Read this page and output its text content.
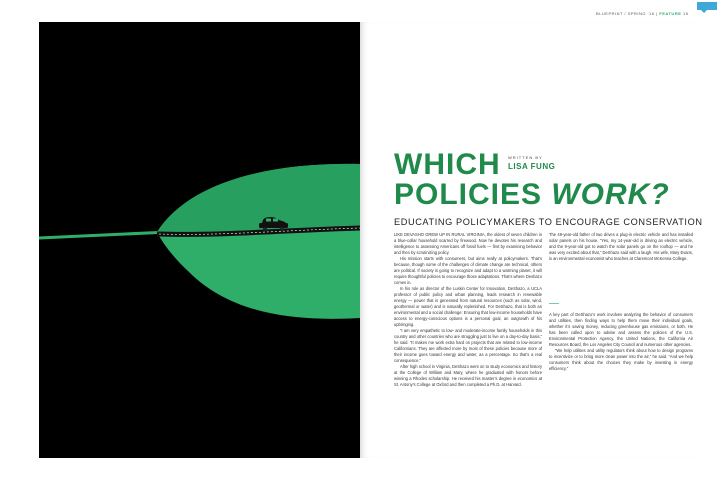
BLUEPRINT / SPRING ’16 | FEATURE 15
WHICH WRITTEN BY
LISA FUNG
POLICIES WORK?
EDUCATING POLICYMAKERS TO ENCOURAGE CONSERVATION

LIKE DEVASHO GREW UP IN RURAL VIRGINIA, the oldest of seven children in a blue-collar household scarred by firewood. Now he devotes his research and intelligence to assessing Americans off fossil fuels — first by examining behavior and then by scrutinizing policy.

His mission starts with consumers, but aims really at policymakers. That’s because, though some of the challenges of climate change are technical, others are political. If society is going to recognize and adapt to a warming planet, it will require thoughtful policies to encourage those adaptations. That’s where Deshazo comes in.

In his role as director of the Luskin Center for Innovation, DeShazo, a UCLA professor of public policy and urban planning, leads research in renewable energy — power that is generated from natural resources (such as solar, wind, geothermal or water) and is naturally replenished. For DeShazo, that is both an environmental and a social challenge: Ensuring that low-income households have access to energy-conscious options is a personal goal, an outgrowth of his upbringing.

“I am very empathetic to low- and moderate-income family households in this country and other countries who are struggling just to live on a day-to-day basis,” he said. “It makes me work extra hard on projects that are related to low-income Californians. They are affected more by most of these policies because more of their income goes toward energy and water, as a percentage. So that’s a real consequence.”

After high school in Virginia, DeShazo went on to study economics and history at the College of William and Mary, where he graduated with honors before winning a Rhodes scholarship. He received his master’s degree in economics at St. Antony’s College at Oxford and then completed a Ph.D. at Harvard.

The 49-year-old father of two drives a plug-in electric vehicle and has installed solar panels on his house. “Yes, my 14-year-old is driving an electric vehicle, and the 9-year-old got to watch the solar panels go on the rooftop — and he was very excited about that,” DeShazo said with a laugh. His wife, Mary Evans, is an environmental economist who teaches at Claremont McKenna College.

A key part of DeShazo’s work involves analyzing the behavior of consumers and utilities, then finding ways to help them move their individual goals, whether it’s saving money, reducing greenhouse gas emissions, or both. He has been called upon to advise and assess the policies of the U.S. Environmental Protection Agency, the United Nations, the California Air Resources Board, the Los Angeles City Council and numerous other agencies.

“We help utilities and utility regulators think about how to design programs to incentivize or to bring more clean power into the air,” he said. “And we help consumers think about the choices they make by investing in energy efficiency.”
